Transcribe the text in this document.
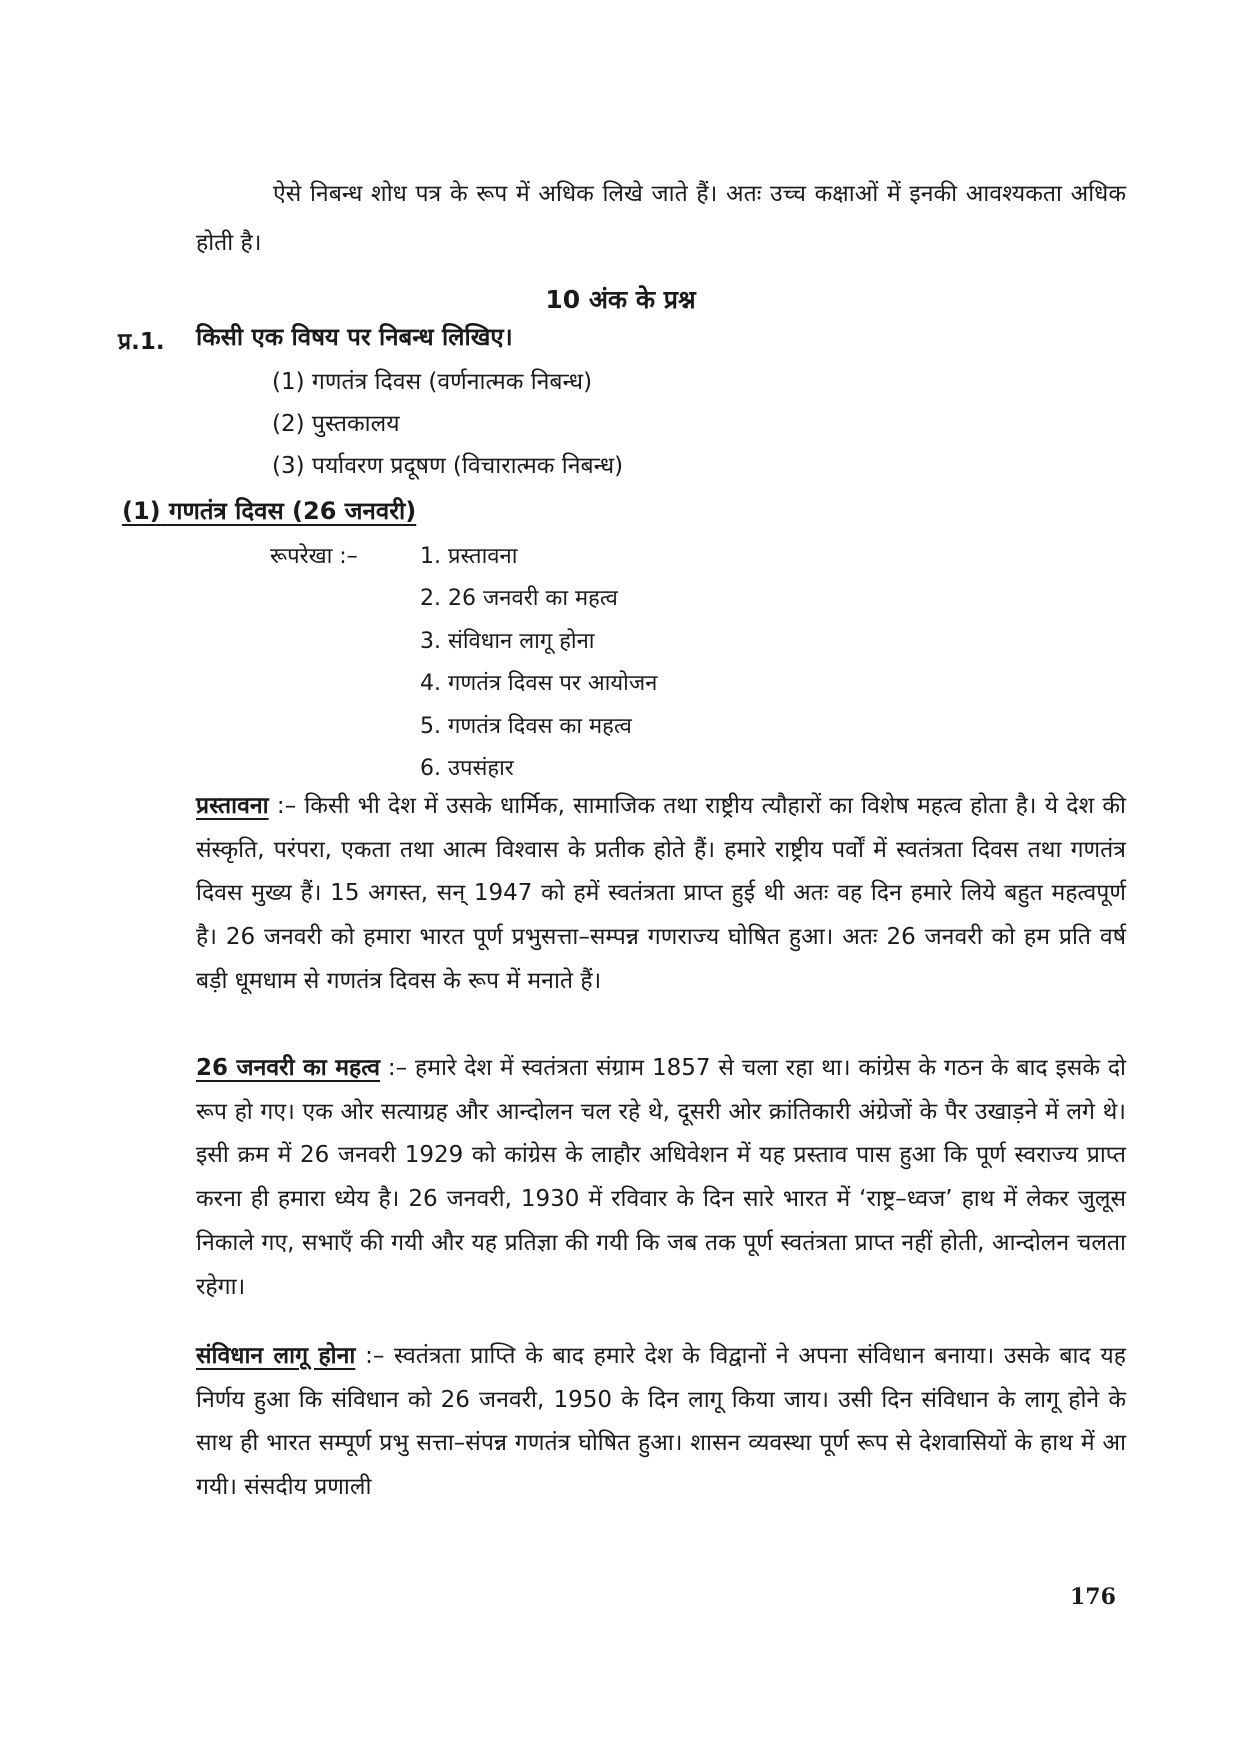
ऐसे निबन्ध शोध पत्र के रूप में अधिक लिखे जाते हैं। अतः उच्च कक्षाओं में इनकी आवश्यकता अधिक होती है।

10 अंक के प्रश्न
प्र.1. किसी एक विषय पर निबन्ध लिखिए।
(1) गणतंत्र दिवस (वर्णनात्मक निबन्ध)
(2) पुस्तकालय
(3) पर्यावरण प्रदूषण (विचारात्मक निबन्ध)
(1) गणतंत्र दिवस (26 जनवरी)
रूपरेखा :–	1. प्रस्तावना
2. 26 जनवरी का महत्व
3. संविधान लागू होना
4. गणतंत्र दिवस पर आयोजन
5. गणतंत्र दिवस का महत्व
6. उपसंहार

प्रस्तावना :– किसी भी देश में उसके धार्मिक, सामाजिक तथा राष्ट्रीय त्यौहारों का विशेष महत्व होता है। ये देश की संस्कृति, परंपरा, एकता तथा आत्म विश्वास के प्रतीक होते हैं। हमारे राष्ट्रीय पर्वों में स्वतंत्रता दिवस तथा गणतंत्र दिवस मुख्य हैं। 15 अगस्त, सन् 1947 को हमें स्वतंत्रता प्राप्त हुई थी अतः वह दिन हमारे लिये बहुत महत्वपूर्ण है। 26 जनवरी को हमारा भारत पूर्ण प्रभुसत्ता–सम्पन्न गणराज्य घोषित हुआ। अतः 26 जनवरी को हम प्रति वर्ष बड़ी धूमधाम से गणतंत्र दिवस के रूप में मनाते हैं।

26 जनवरी का महत्व :– हमारे देश में स्वतंत्रता संग्राम 1857 से चला रहा था। कांग्रेस के गठन के बाद इसके दो रूप हो गए। एक ओर सत्याग्रह और आन्दोलन चल रहे थे, दूसरी ओर क्रांतिकारी अंग्रेजों के पैर उखाड़ने में लगे थे। इसी क्रम में 26 जनवरी 1929 को कांग्रेस के लाहौर अधिवेशन में यह प्रस्ताव पास हुआ कि पूर्ण स्वराज्य प्राप्त करना ही हमारा ध्येय है। 26 जनवरी, 1930 में रविवार के दिन सारे भारत में ‘राष्ट्र–ध्वज’ हाथ में लेकर जुलूस निकाले गए, सभाएँ की गयी और यह प्रतिज्ञा की गयी कि जब तक पूर्ण स्वतंत्रता प्राप्त नहीं होती, आन्दोलन चलता रहेगा।

संविधान लागू होना :– स्वतंत्रता प्राप्ति के बाद हमारे देश के विद्वानों ने अपना संविधान बनाया। उसके बाद यह निर्णय हुआ कि संविधान को 26 जनवरी, 1950 के दिन लागू किया जाय। उसी दिन संविधान के लागू होने के साथ ही भारत सम्पूर्ण प्रभु सत्ता–संपन्न गणतंत्र घोषित हुआ। शासन व्यवस्था पूर्ण रूप से देशवासियों के हाथ में आ गयी। संसदीय प्रणाली

176
